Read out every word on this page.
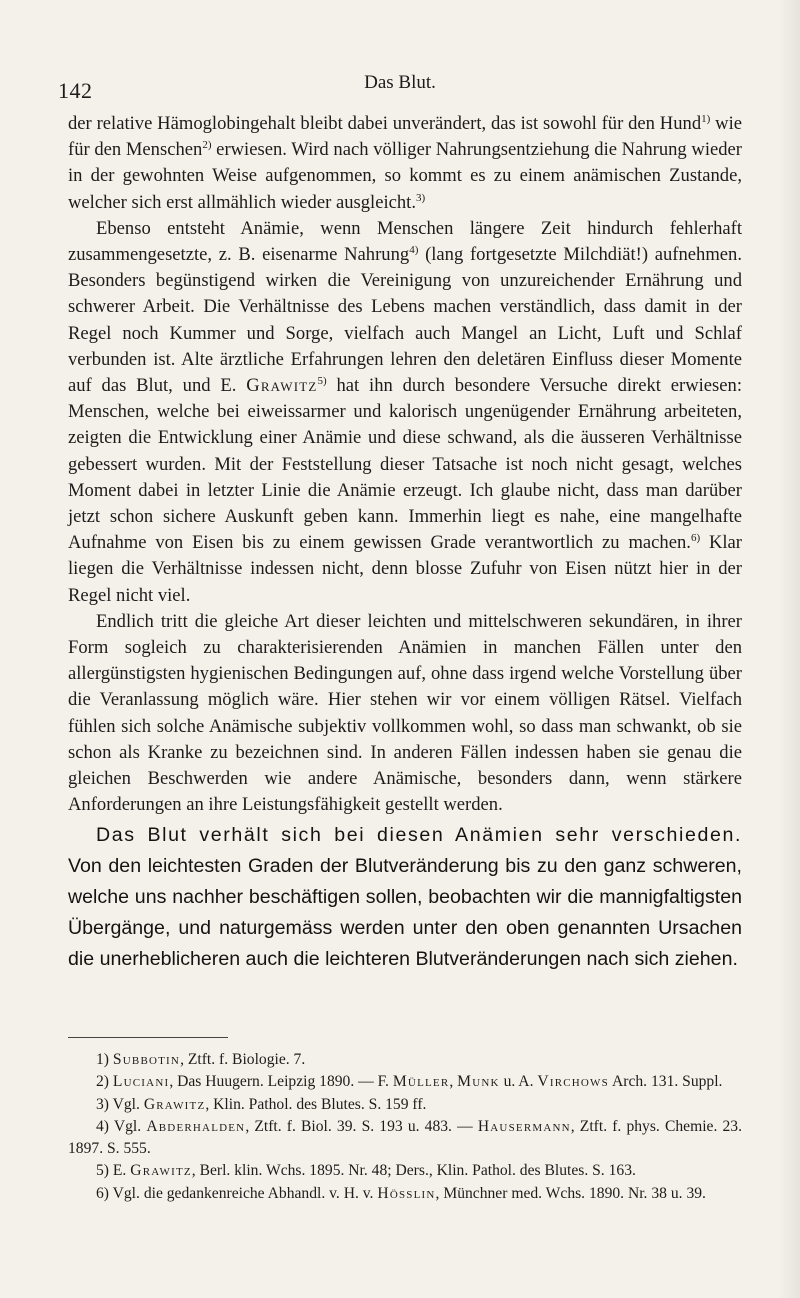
142	Das Blut.

der relative Hämoglobingehalt bleibt dabei unverändert, das ist sowohl für den Hund$^{1)}$ wie für den Menschen$^{2)}$ erwiesen. Wird nach völliger Nahrungsentziehung die Nahrung wieder in der gewohnten Weise aufgenommen, so kommt es zu einem anämischen Zustande, welcher sich erst allmählich wieder ausgleicht.$^{3)}$

Ebenso entsteht Anämie, wenn Menschen längere Zeit hindurch fehlerhaft zusammengesetzte, z. B. eisenarme Nahrung$^{4)}$ (lang fortgesetzte Milchdiät!) aufnehmen. Besonders begünstigend wirken die Vereinigung von unzureichender Ernährung und schwerer Arbeit. Die Verhältnisse des Lebens machen verständlich, dass damit in der Regel noch Kummer und Sorge, vielfach auch Mangel an Licht, Luft und Schlaf verbunden ist. Alte ärztliche Erfahrungen lehren den deletären Einfluss dieser Momente auf das Blut, und E. Grawitz$^{5)}$ hat ihn durch besondere Versuche direkt erwiesen: Menschen, welche bei eiweissarmer und kalorisch ungenügender Ernährung arbeiteten, zeigten die Entwicklung einer Anämie und diese schwand, als die äusseren Verhältnisse gebessert wurden. Mit der Feststellung dieser Tatsache ist noch nicht gesagt, welches Moment dabei in letzter Linie die Anämie erzeugt. Ich glaube nicht, dass man darüber jetzt schon sichere Auskunft geben kann. Immerhin liegt es nahe, eine mangelhafte Aufnahme von Eisen bis zu einem gewissen Grade verantwortlich zu machen.$^{6)}$ Klar liegen die Verhältnisse indessen nicht, denn blosse Zufuhr von Eisen nützt hier in der Regel nicht viel.

Endlich tritt die gleiche Art dieser leichten und mittelschweren sekundären, in ihrer Form sogleich zu charakterisierenden Anämien in manchen Fällen unter den allergünstigsten hygienischen Bedingungen auf, ohne dass irgend welche Vorstellung über die Veranlassung möglich wäre. Hier stehen wir vor einem völligen Rätsel. Vielfach fühlen sich solche Anämische subjektiv vollkommen wohl, so dass man schwankt, ob sie schon als Kranke zu bezeichnen sind. In anderen Fällen indessen haben sie genau die gleichen Beschwerden wie andere Anämische, besonders dann, wenn stärkere Anforderungen an ihre Leistungsfähigkeit gestellt werden.

Das Blut verhält sich bei diesen Anämien sehr verschieden. Von den leichtesten Graden der Blutveränderung bis zu den ganz schweren, welche uns nachher beschäftigen sollen, beobachten wir die mannigfaltigsten Übergänge, und naturgemäss werden unter den oben genannten Ursachen die unerheblicheren auch die leichteren Blutveränderungen nach sich ziehen.

1) Subbotin, Ztft. f. Biologie. 7.

2) Luciani, Das Huugern. Leipzig 1890. — F. Müller, Munk u. A. Virchows Arch. 131. Suppl.

3) Vgl. Grawitz, Klin. Pathol. des Blutes. S. 159 ff.

4) Vgl. Abderhalden, Ztft. f. Biol. 39. S. 193 u. 483. — Hausermann, Ztft. f. phys. Chemie. 23. 1897. S. 555.

5) E. Grawitz, Berl. klin. Wchs. 1895. Nr. 48; Ders., Klin. Pathol. des Blutes. S. 163.

6) Vgl. die gedankenreiche Abhandl. v. H. v. Hösslin, Münchner med. Wchs. 1890. Nr. 38 u. 39.
